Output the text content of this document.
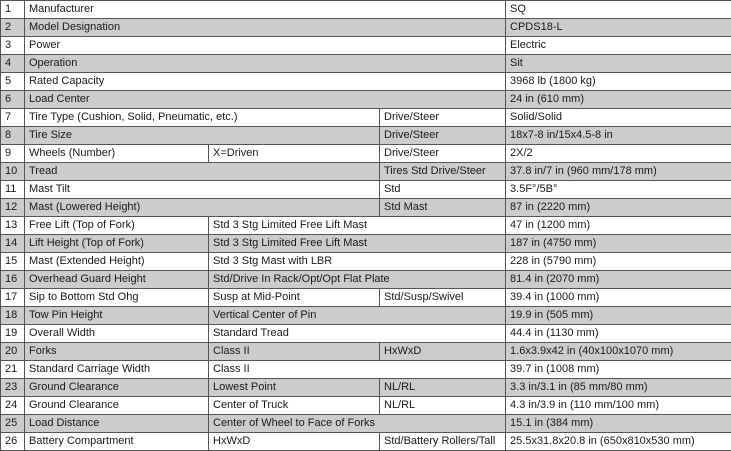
1	Manufacturer			SQ
2	Model Designation			CPDS18-L
3	Power			Electric
4	Operation			Sit
5	Rated Capacity			3968 lb (1800 kg)
6	Load Center			24 in (610 mm)
7	Tire Type (Cushion, Solid, Pneumatic, etc.)		Drive/Steer	Solid/Solid
8	Tire Size		Drive/Steer	18x7-8 in/15x4.5-8 in
9	Wheels (Number)	X=Driven	Drive/Steer	2X/2
10	Tread		Tires Std Drive/Steer	37.8 in/7 in (960 mm/178 mm)
11	Mast Tilt		Std	3.5F°/5B°
12	Mast (Lowered Height)		Std Mast	87 in (2220 mm)
13	Free Lift (Top of Fork)	Std 3 Stg Limited Free Lift Mast		47 in (1200 mm)
14	Lift Height (Top of Fork)	Std 3 Stg Limited Free Lift Mast		187 in (4750 mm)
15	Mast (Extended Height)	Std 3 Stg Mast with LBR		228 in (5790 mm)
16	Overhead Guard Height	Std/Drive In Rack/Opt/Opt Flat Plate		81.4 in (2070 mm)
17	Sip to Bottom Std Ohg	Susp at Mid-Point	Std/Susp/Swivel	39.4 in (1000 mm)
18	Tow Pin Height	Vertical Center of Pin		19.9 in (505 mm)
19	Overall Width	Standard Tread		44.4 in (1130 mm)
20	Forks	Class II	HxWxD	1.6x3.9x42 in (40x100x1070 mm)
21	Standard Carriage Width	Class II		39.7 in (1008 mm)
23	Ground Clearance	Lowest Point	NL/RL	3.3 in/3.1 in (85 mm/80 mm)
24	Ground Clearance	Center of Truck	NL/RL	4.3 in/3.9 in (110 mm/100 mm)
25	Load Distance	Center of Wheel to Face of Forks		15.1 in (384 mm)
26	Battery Compartment	HxWxD	Std/Battery Rollers/Tall	25.5x31.8x20.8 in (650x810x530 mm)
